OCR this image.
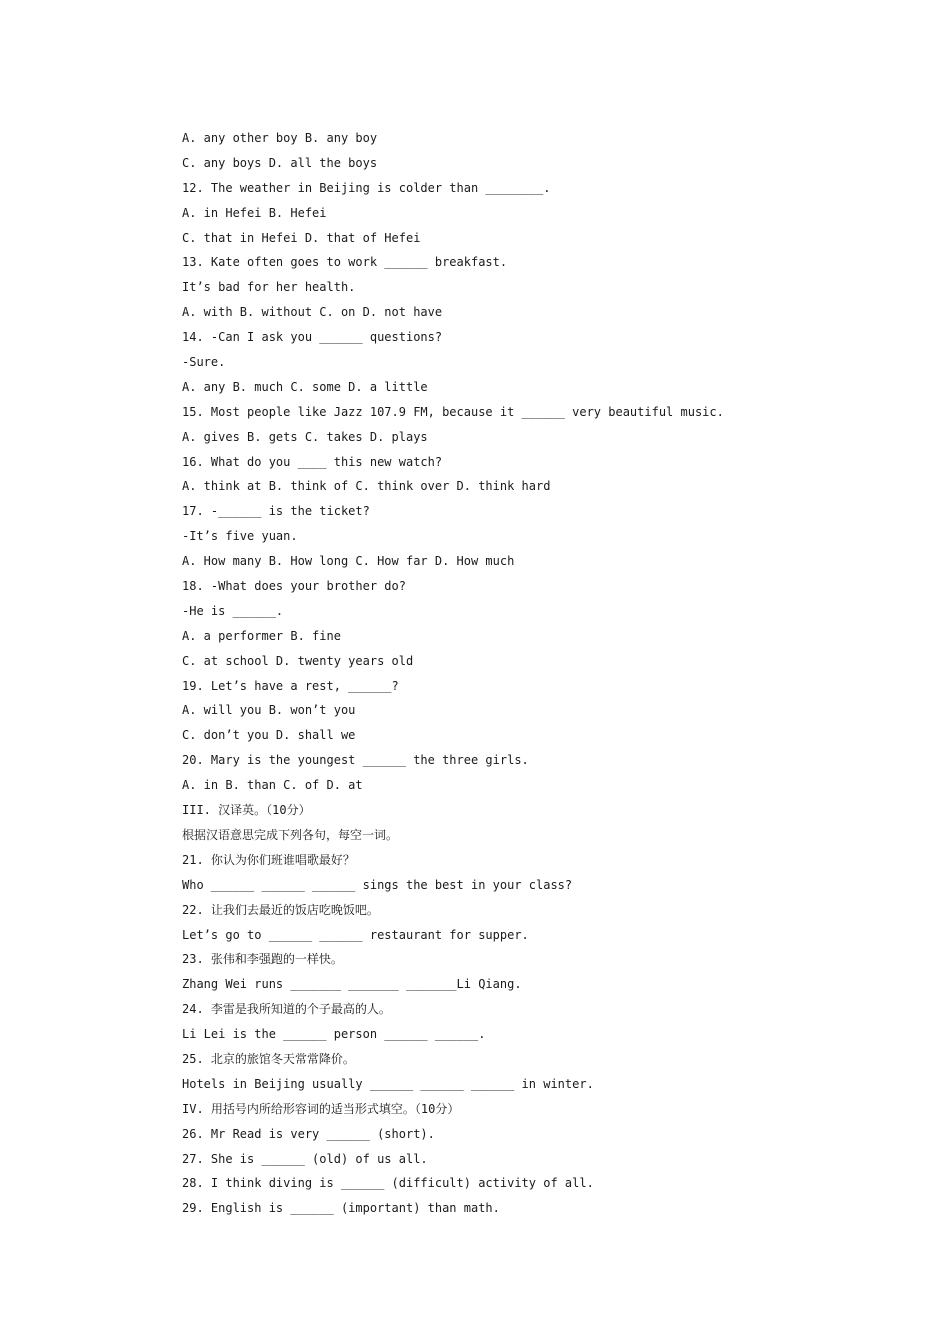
A. any other boy B. any boy
C. any boys D. all the boys
12. The weather in Beijing is colder than ________.
A. in Hefei B. Hefei
C. that in Hefei D. that of Hefei
13. Kate often goes to work ______ breakfast.
It’s bad for her health.
A. with B. without C. on D. not have
14. -Can I ask you ______ questions?
-Sure.
A. any B. much C. some D. a little
15. Most people like Jazz 107.9 FM, because it ______ very beautiful music.
A. gives B. gets C. takes D. plays
16. What do you ____ this new watch?
A. think at B. think of C. think over D. think hard
17. -______ is the ticket?
-It’s five yuan.
A. How many B. How long C. How far D. How much
18. -What does your brother do?
-He is ______.
A. a performer B. fine
C. at school D. twenty years old
19. Let’s have a rest, ______?
A. will you B. won’t you
C. don’t you D. shall we
20. Mary is the youngest ______ the three girls.
A. in B. than C. of D. at
III. 汉译英。（10分）
根据汉语意思完成下列各句，每空一词。
21. 你认为你们班谁唱歌最好？
Who ______ ______ ______ sings the best in your class?
22. 让我们去最近的饭店吃晚饭吧。
Let’s go to ______ ______ restaurant for supper.
23. 张伟和李强跑的一样快。
Zhang Wei runs _______ _______ _______Li Qiang.
24. 李雷是我所知道的个子最高的人。
Li Lei is the ______ person ______ ______.
25. 北京的旅馆冬天常常降价。
Hotels in Beijing usually ______ ______ ______ in winter.
IV. 用括号内所给形容词的适当形式填空。（10分）
26. Mr Read is very ______ (short).
27. She is ______ (old) of us all.
28. I think diving is ______ (difficult) activity of all.
29. English is ______ (important) than math.
